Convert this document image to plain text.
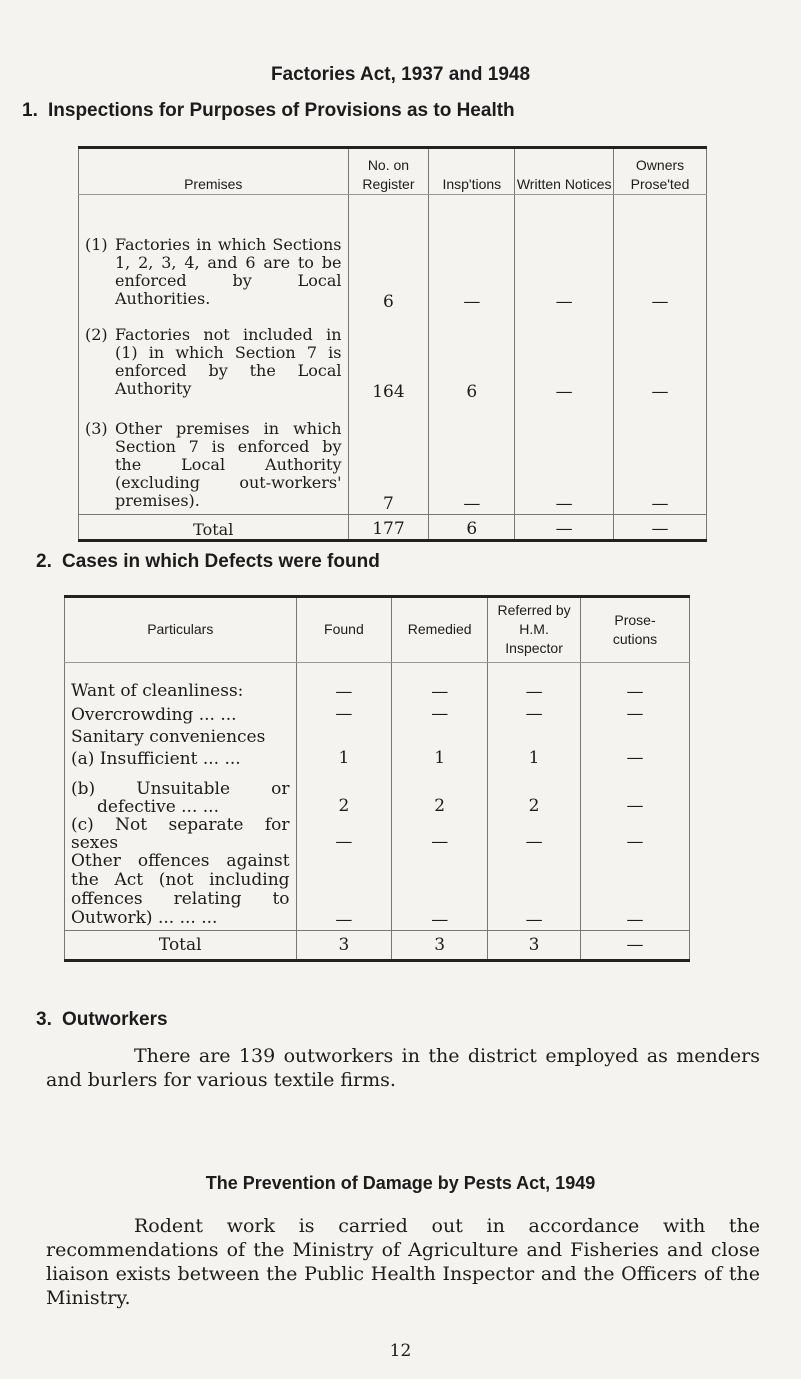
Factories Act, 1937 and 1948
1. Inspections for Purposes of Provisions as to Health
Premises	No. on Register	Insp'tions	Written Notices	Owners Prose'ted

(1) Factories in which Sections 1, 2, 3, 4, and 6 are to be enforced by Local Authorities.	6	—	—	—

(2) Factories not included in (1) in which Section 7 is enforced by the Local Authority	164	6	—	—

(3) Other premises in which Section 7 is enforced by the Local Authority (excluding out-workers' premises).	7	—	—	—
Total	177	6	—	—
2. Cases in which Defects were found
Particulars	Found	Remedied	Referred by H.M. Inspector	Prose-cutions
Want of cleanliness:	—	—	—	—
Overcrowding ... ...	—	—	—	—
Sanitary conveniences				
(a) Insufficient ... ...	1	1	1	—
(b) Unsuitable or defective ... ...	2	2	2	—
(c) Not separate for sexes	—	—	—	—
Other offences against the Act (not including offences relating to Outwork) ... ... ...	—	—	—	—
Total	3	3	3	—
3. Outworkers
There are 139 outworkers in the district employed as menders and burlers for various textile firms.
The Prevention of Damage by Pests Act, 1949
Rodent work is carried out in accordance with the recommendations of the Ministry of Agriculture and Fisheries and close liaison exists between the Public Health Inspector and the Officers of the Ministry.
12
